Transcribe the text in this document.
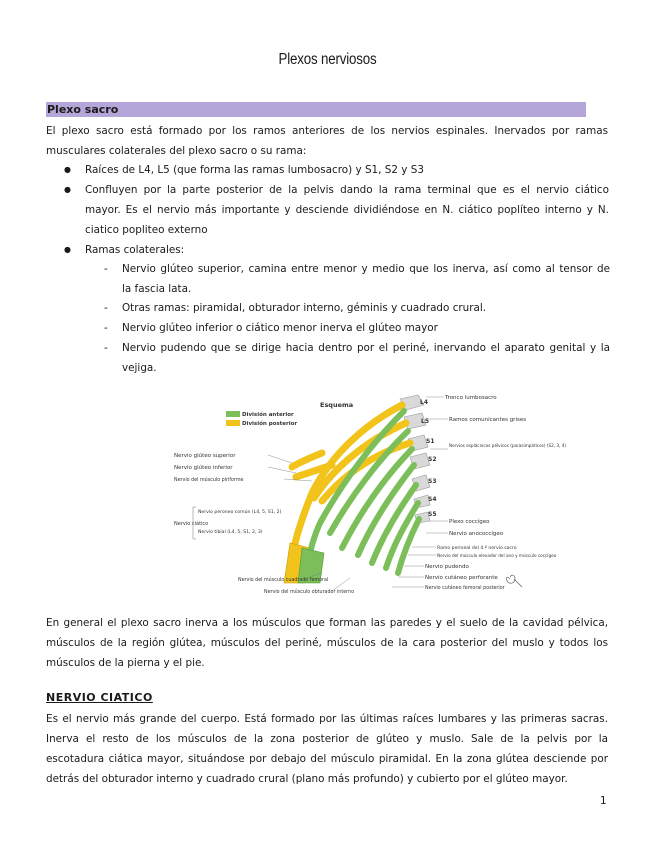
Plexos nerviosos
Plexo sacro
El plexo sacro está formado por los ramos anteriores de los nervios espinales. Inervados por ramas
musculares colaterales del plexo sacro o su rama:
● Raíces de L4, L5 (que forma las ramas lumbosacro) y S1, S2 y S3
● Confluyen por la parte posterior de la pelvis dando la rama terminal que es el nervio ciático
mayor. Es el nervio más importante y desciende dividiéndose en N. ciático poplíteo interno y N.
ciatico popliteo externo
● Ramas colaterales:
- Nervio glúteo superior, camina entre menor y medio que los inerva, así como al tensor de
la fascia lata.
- Otras ramas: piramidal, obturador interno, géminis y cuadrado crural.
- Nervio glúteo inferior o ciático menor inerva el glúteo mayor
- Nervio pudendo que se dirige hacia dentro por el periné, inervando el aparato genital y la
vejiga.
División anterior
División posterior
Esquema	L4
L5
S1
S2
S3
S4
S5
Tronco lumbosacro
Ramos comunicantes grises
Nervios esplácnicos pélvicos (parasimpáticos) (S2, 3, 4)
Plexo coccígeo
Nervio anococcígeo
Ramo perineal del 4.º nervio sacro
Nervio del músculo elevador del ano y músculo coccígeo
Nervio pudendo
Nervio cutáneo perforante
Nervio cutáneo femoral posterior
Nervio glúteo superior
Nervio glúteo inferior
Nervio del músculo piriforme
Nervio peroneo común (L4, 5, S1, 2)
Nervio tibial (L4, 5, S1, 2, 3)
Nervio ciático
Nervio del músculo cuadrado femoral
Nervio del músculo obturador interno
En general el plexo sacro inerva a los músculos que forman las paredes y el suelo de la cavidad pélvica,
músculos de la región glútea, músculos del periné, músculos de la cara posterior del muslo y todos los
músculos de la pierna y el pie.
NERVIO CIATICO
Es el nervio más grande del cuerpo. Está formado por las últimas raíces lumbares y las primeras sacras.
Inerva el resto de los músculos de la zona posterior de glúteo y muslo. Sale de la pelvis por la
escotadura ciática mayor, situándose por debajo del músculo piramidal. En la zona glútea desciende por
detrás del obturador interno y cuadrado crural (plano más profundo) y cubierto por el glúteo mayor.
1
